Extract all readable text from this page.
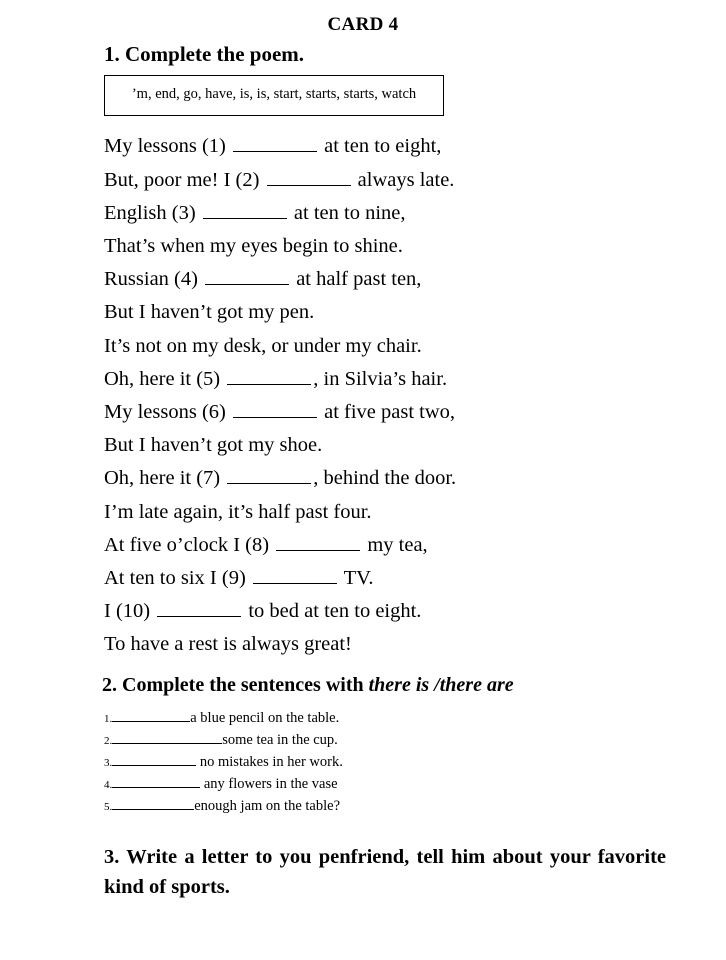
CARD 4
1. Complete the poem.
’m, end, go, have, is, is, start, starts, starts, watch
My lessons (1)	at ten to eight,
But, poor me! I (2)	always late.
English (3)	at ten to nine,
That’s when my eyes begin to shine.
Russian (4)	at half past ten,
But I haven’t got my pen.
It’s not on my desk, or under my chair.
Oh, here it (5)	, in Silvia’s hair.
My lessons (6)	at five past two,
But I haven’t got my shoe.
Oh, here it (7)	, behind the door.
I’m late again, it’s half past four.
At five o’clock I (8)	my tea,
At ten to six I (9)	TV.
I (10)	to bed at ten to eight.
To have a rest is always great!
2. Complete the sentences with there is /there are
1.	a blue pencil on the table.
2.	some tea in the cup.
3.	no mistakes in her work.
4.	any flowers in the vase
5.	enough jam on the table?
3. Write a letter to you penfriend, tell him about your favorite kind of sports.
